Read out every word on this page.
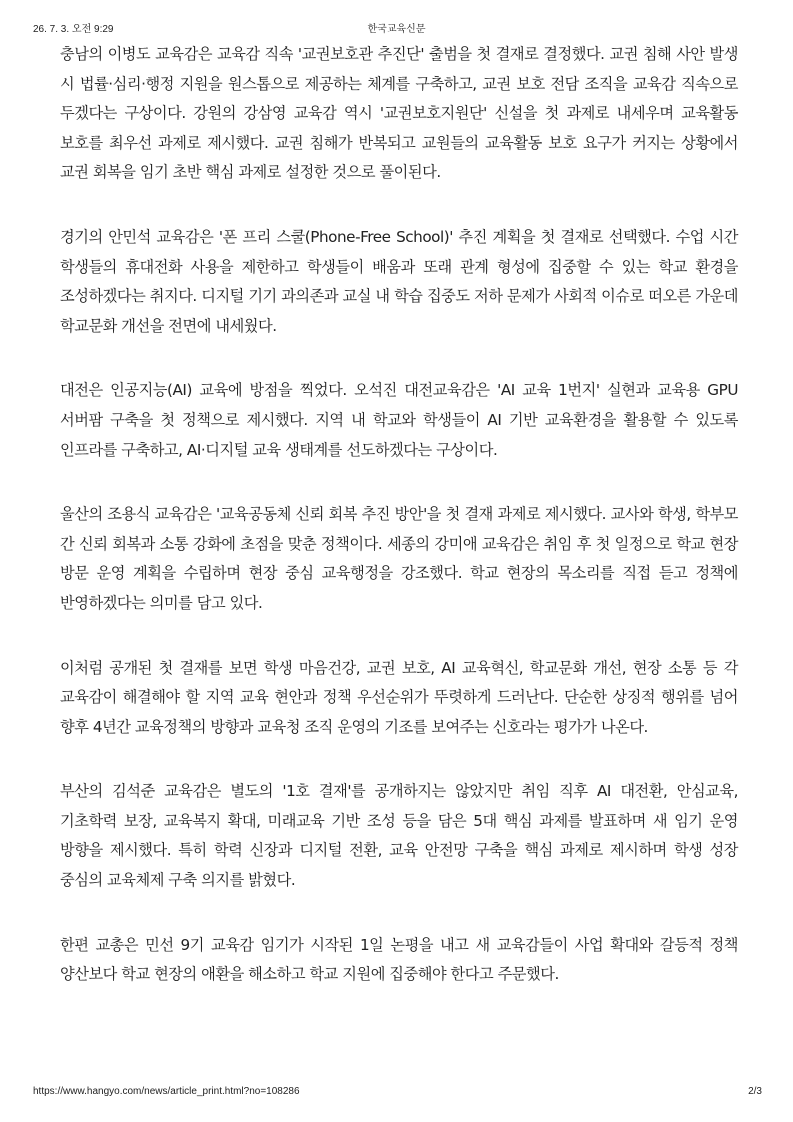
26. 7. 3. 오전 9:29	한국교육신문

충남의 이병도 교육감은 교육감 직속 '교권보호관 추진단' 출범을 첫 결재로 결정했다. 교권 침해 사안 발생 시 법률·심리·행정 지원을 원스톱으로 제공하는 체계를 구축하고, 교권 보호 전담 조직을 교육감 직속으로 두겠다는 구상이다. 강원의 강삼영 교육감 역시 '교권보호지원단' 신설을 첫 과제로 내세우며 교육활동 보호를 최우선 과제로 제시했다. 교권 침해가 반복되고 교원들의 교육활동 보호 요구가 커지는 상황에서 교권 회복을 임기 초반 핵심 과제로 설정한 것으로 풀이된다.

경기의 안민석 교육감은 '폰 프리 스쿨(Phone-Free School)' 추진 계획을 첫 결재로 선택했다. 수업 시간 학생들의 휴대전화 사용을 제한하고 학생들이 배움과 또래 관계 형성에 집중할 수 있는 학교 환경을 조성하겠다는 취지다. 디지털 기기 과의존과 교실 내 학습 집중도 저하 문제가 사회적 이슈로 떠오른 가운데 학교문화 개선을 전면에 내세웠다.

대전은 인공지능(AI) 교육에 방점을 찍었다. 오석진 대전교육감은 'AI 교육 1번지' 실현과 교육용 GPU 서버팜 구축을 첫 정책으로 제시했다. 지역 내 학교와 학생들이 AI 기반 교육환경을 활용할 수 있도록 인프라를 구축하고, AI·디지털 교육 생태계를 선도하겠다는 구상이다.

울산의 조용식 교육감은 '교육공동체 신뢰 회복 추진 방안'을 첫 결재 과제로 제시했다. 교사와 학생, 학부모 간 신뢰 회복과 소통 강화에 초점을 맞춘 정책이다. 세종의 강미애 교육감은 취임 후 첫 일정으로 학교 현장 방문 운영 계획을 수립하며 현장 중심 교육행정을 강조했다. 학교 현장의 목소리를 직접 듣고 정책에 반영하겠다는 의미를 담고 있다.

이처럼 공개된 첫 결재를 보면 학생 마음건강, 교권 보호, AI 교육혁신, 학교문화 개선, 현장 소통 등 각 교육감이 해결해야 할 지역 교육 현안과 정책 우선순위가 뚜렷하게 드러난다. 단순한 상징적 행위를 넘어 향후 4년간 교육정책의 방향과 교육청 조직 운영의 기조를 보여주는 신호라는 평가가 나온다.

부산의 김석준 교육감은 별도의 '1호 결재'를 공개하지는 않았지만 취임 직후 AI 대전환, 안심교육, 기초학력 보장, 교육복지 확대, 미래교육 기반 조성 등을 담은 5대 핵심 과제를 발표하며 새 임기 운영 방향을 제시했다. 특히 학력 신장과 디지털 전환, 교육 안전망 구축을 핵심 과제로 제시하며 학생 성장 중심의 교육체제 구축 의지를 밝혔다.

한편 교총은 민선 9기 교육감 임기가 시작된 1일 논평을 내고 새 교육감들이 사업 확대와 갈등적 정책 양산보다 학교 현장의 애환을 해소하고 학교 지원에 집중해야 한다고 주문했다.

https://www.hangyo.com/news/article_print.html?no=108286	2/3
